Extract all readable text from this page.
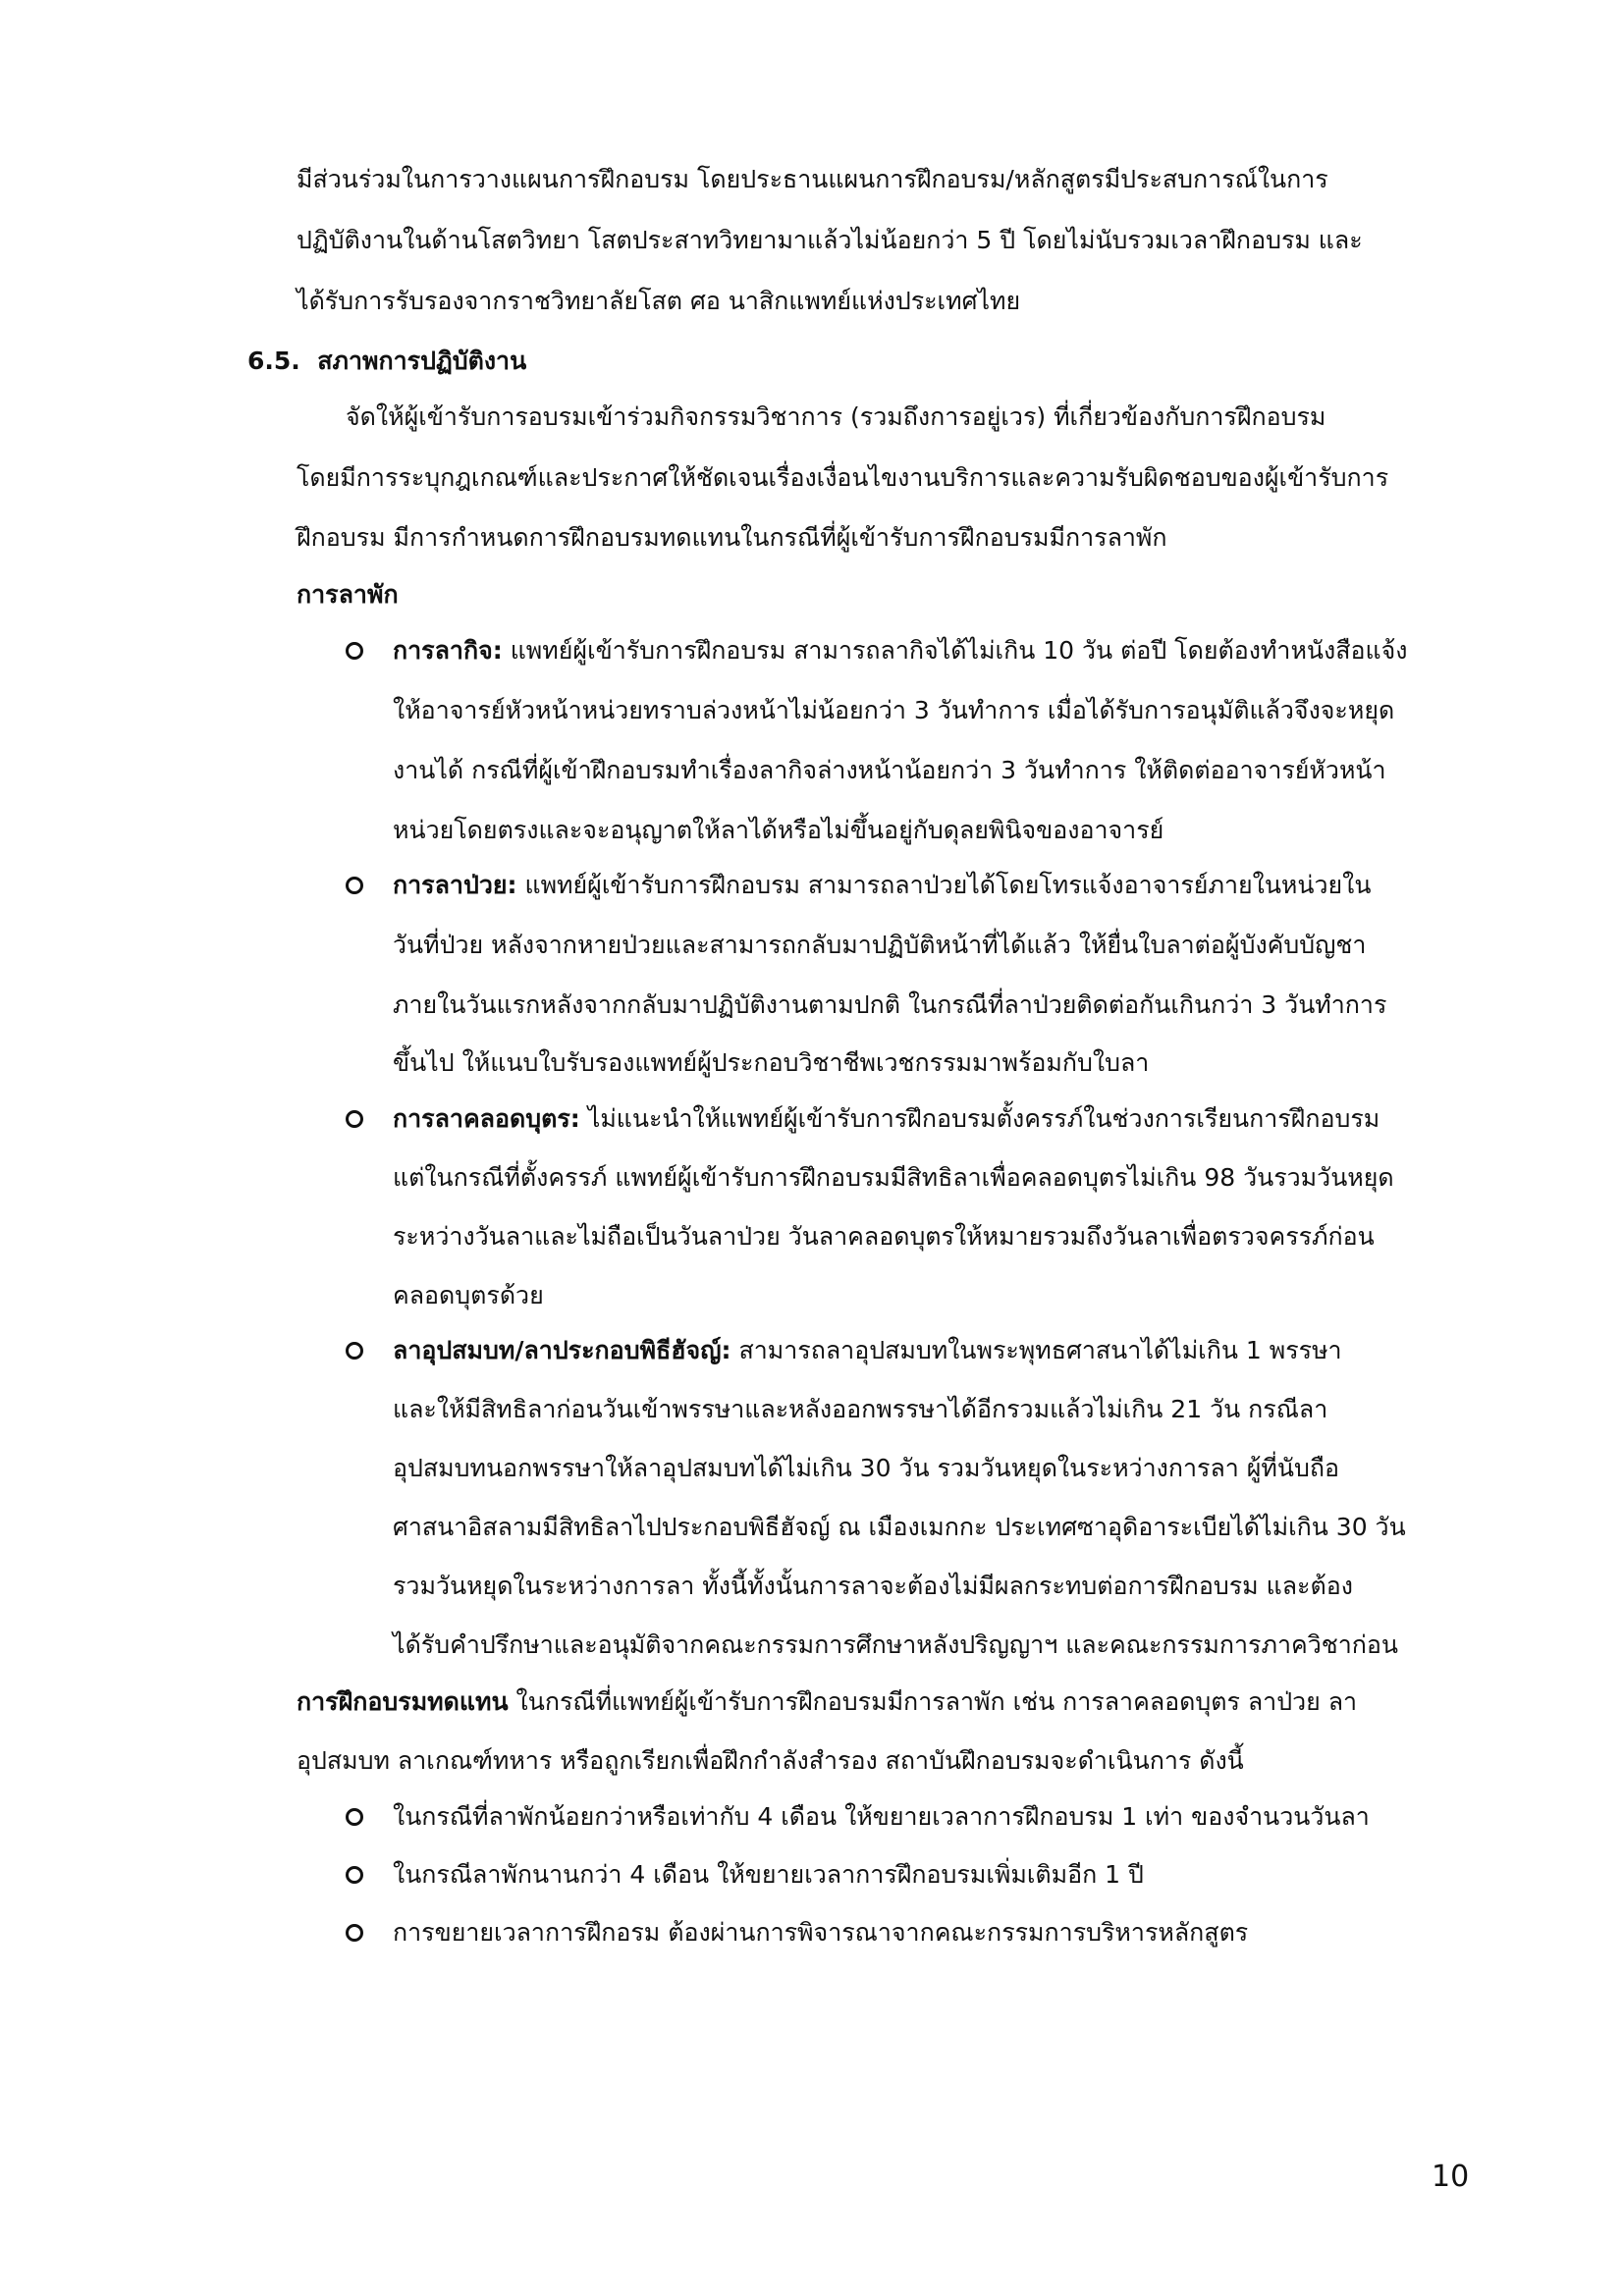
มีส่วนร่วมในการวางแผนการฝึกอบรม โดยประธานแผนการฝึกอบรม/หลักสูตรมีประสบการณ์ในการ
ปฏิบัติงานในด้านโสตวิทยา โสตประสาทวิทยามาแล้วไม่น้อยกว่า 5 ปี โดยไม่นับรวมเวลาฝึกอบรม และ
ได้รับการรับรองจากราชวิทยาลัยโสต ศอ นาสิกแพทย์แห่งประเทศไทย
6.5. สภาพการปฏิบัติงาน
จัดให้ผู้เข้ารับการอบรมเข้าร่วมกิจกรรมวิชาการ (รวมถึงการอยู่เวร) ที่เกี่ยวข้องกับการฝึกอบรม
โดยมีการระบุกฎเกณฑ์และประกาศให้ชัดเจนเรื่องเงื่อนไขงานบริการและความรับผิดชอบของผู้เข้ารับการ
ฝึกอบรม มีการกำหนดการฝึกอบรมทดแทนในกรณีที่ผู้เข้ารับการฝึกอบรมมีการลาพัก
การลาพัก
การลากิจ: แพทย์ผู้เข้ารับการฝึกอบรม สามารถลากิจได้ไม่เกิน 10 วัน ต่อปี โดยต้องทำหนังสือแจ้ง
ให้อาจารย์หัวหน้าหน่วยทราบล่วงหน้าไม่น้อยกว่า 3 วันทำการ เมื่อได้รับการอนุมัติแล้วจึงจะหยุด
งานได้ กรณีที่ผู้เข้าฝึกอบรมทำเรื่องลากิจล่างหน้าน้อยกว่า 3 วันทำการ ให้ติดต่ออาจารย์หัวหน้า
หน่วยโดยตรงและจะอนุญาตให้ลาได้หรือไม่ขึ้นอยู่กับดุลยพินิจของอาจารย์
การลาป่วย: แพทย์ผู้เข้ารับการฝึกอบรม สามารถลาป่วยได้โดยโทรแจ้งอาจารย์ภายในหน่วยใน
วันที่ป่วย หลังจากหายป่วยและสามารถกลับมาปฏิบัติหน้าที่ได้แล้ว ให้ยื่นใบลาต่อผู้บังคับบัญชา
ภายในวันแรกหลังจากกลับมาปฏิบัติงานตามปกติ ในกรณีที่ลาป่วยติดต่อกันเกินกว่า 3 วันทำการ
ขึ้นไป ให้แนบใบรับรองแพทย์ผู้ประกอบวิชาชีพเวชกรรมมาพร้อมกับใบลา
การลาคลอดบุตร: ไม่แนะนำให้แพทย์ผู้เข้ารับการฝึกอบรมตั้งครรภ์ในช่วงการเรียนการฝึกอบรม
แต่ในกรณีที่ตั้งครรภ์ แพทย์ผู้เข้ารับการฝึกอบรมมีสิทธิลาเพื่อคลอดบุตรไม่เกิน 98 วันรวมวันหยุด
ระหว่างวันลาและไม่ถือเป็นวันลาป่วย วันลาคลอดบุตรให้หมายรวมถึงวันลาเพื่อตรวจครรภ์ก่อน
คลอดบุตรด้วย
ลาอุปสมบท/ลาประกอบพิธีฮัจญ์: สามารถลาอุปสมบทในพระพุทธศาสนาได้ไม่เกิน 1 พรรษา
และให้มีสิทธิลาก่อนวันเข้าพรรษาและหลังออกพรรษาได้อีกรวมแล้วไม่เกิน 21 วัน กรณีลา
อุปสมบทนอกพรรษาให้ลาอุปสมบทได้ไม่เกิน 30 วัน รวมวันหยุดในระหว่างการลา ผู้ที่นับถือ
ศาสนาอิสลามมีสิทธิลาไปประกอบพิธีฮัจญ์ ณ เมืองเมกกะ ประเทศซาอุดิอาระเบียได้ไม่เกิน 30 วัน
รวมวันหยุดในระหว่างการลา ทั้งนี้ทั้งนั้นการลาจะต้องไม่มีผลกระทบต่อการฝึกอบรม และต้อง
ได้รับคำปรึกษาและอนุมัติจากคณะกรรมการศึกษาหลังปริญญาฯ และคณะกรรมการภาควิชาก่อน
การฝึกอบรมทดแทน ในกรณีที่แพทย์ผู้เข้ารับการฝึกอบรมมีการลาพัก เช่น การลาคลอดบุตร ลาป่วย ลา
อุปสมบท ลาเกณฑ์ทหาร หรือถูกเรียกเพื่อฝึกกำลังสำรอง สถาบันฝึกอบรมจะดำเนินการ ดังนี้
ในกรณีที่ลาพักน้อยกว่าหรือเท่ากับ 4 เดือน ให้ขยายเวลาการฝึกอบรม 1 เท่า ของจำนวนวันลา
ในกรณีลาพักนานกว่า 4 เดือน ให้ขยายเวลาการฝึกอบรมเพิ่มเติมอีก 1 ปี
การขยายเวลาการฝึกอรม ต้องผ่านการพิจารณาจากคณะกรรมการบริหารหลักสูตร
10
